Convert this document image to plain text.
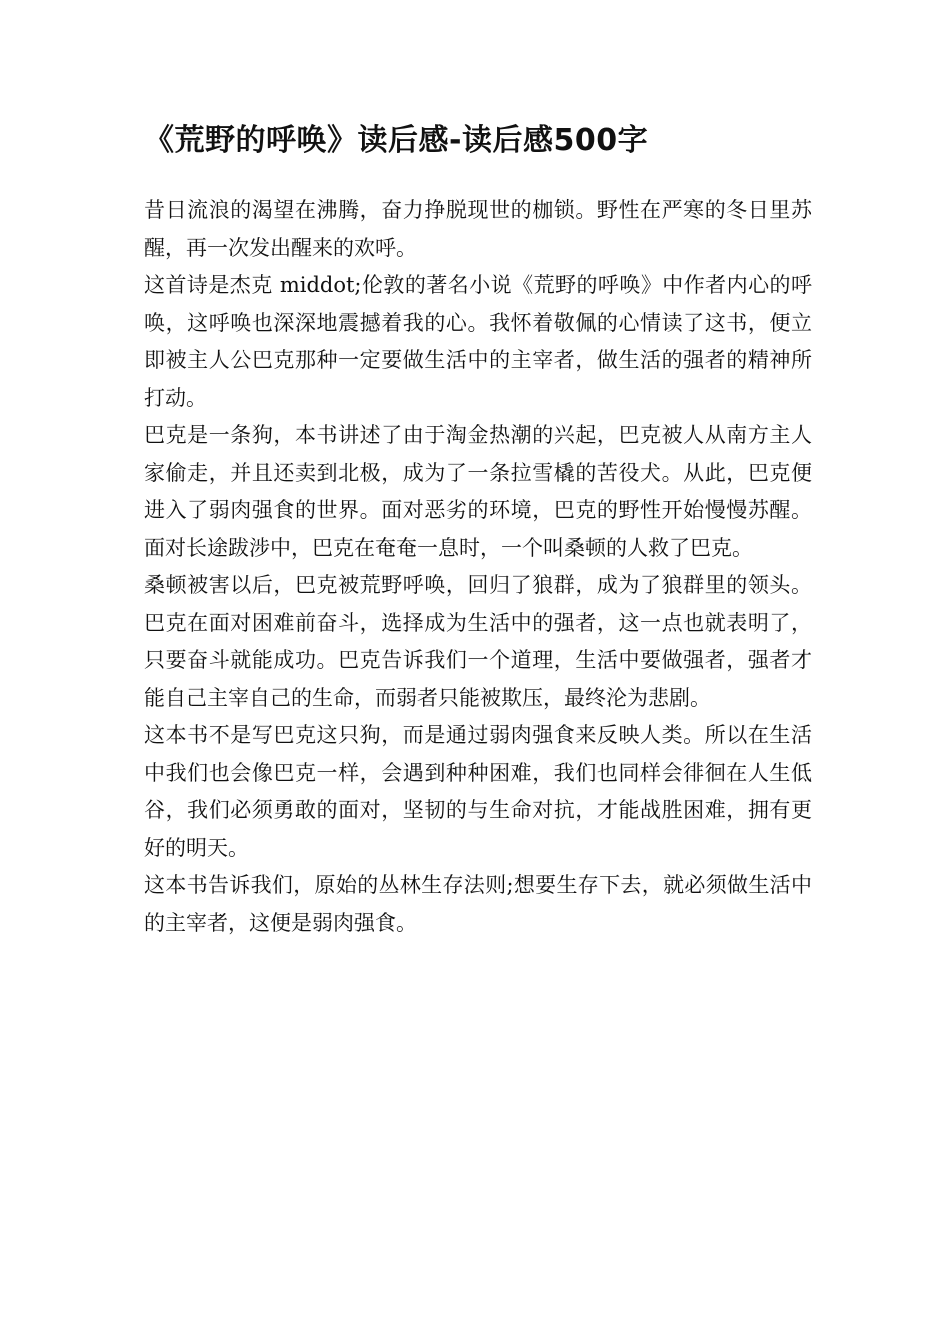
《荒野的呼唤》读后感-读后感500字

昔日流浪的渴望在沸腾，奋力挣脱现世的枷锁。野性在严寒的冬日里苏醒，再一次发出醒来的欢呼。

这首诗是杰克 middot;伦敦的著名小说《荒野的呼唤》中作者内心的呼唤，这呼唤也深深地震撼着我的心。我怀着敬佩的心情读了这书，便立即被主人公巴克那种一定要做生活中的主宰者，做生活的强者的精神所打动。

巴克是一条狗，本书讲述了由于淘金热潮的兴起，巴克被人从南方主人家偷走，并且还卖到北极，成为了一条拉雪橇的苦役犬。从此，巴克便进入了弱肉强食的世界。面对恶劣的环境，巴克的野性开始慢慢苏醒。面对长途跋涉中，巴克在奄奄一息时，一个叫桑顿的人救了巴克。

桑顿被害以后，巴克被荒野呼唤，回归了狼群，成为了狼群里的领头。巴克在面对困难前奋斗，选择成为生活中的强者，这一点也就表明了，只要奋斗就能成功。巴克告诉我们一个道理，生活中要做强者，强者才能自己主宰自己的生命，而弱者只能被欺压，最终沦为悲剧。

这本书不是写巴克这只狗，而是通过弱肉强食来反映人类。所以在生活中我们也会像巴克一样，会遇到种种困难，我们也同样会徘徊在人生低谷，我们必须勇敢的面对，坚韧的与生命对抗，才能战胜困难，拥有更好的明天。

这本书告诉我们，原始的丛林生存法则;想要生存下去，就必须做生活中的主宰者，这便是弱肉强食。
